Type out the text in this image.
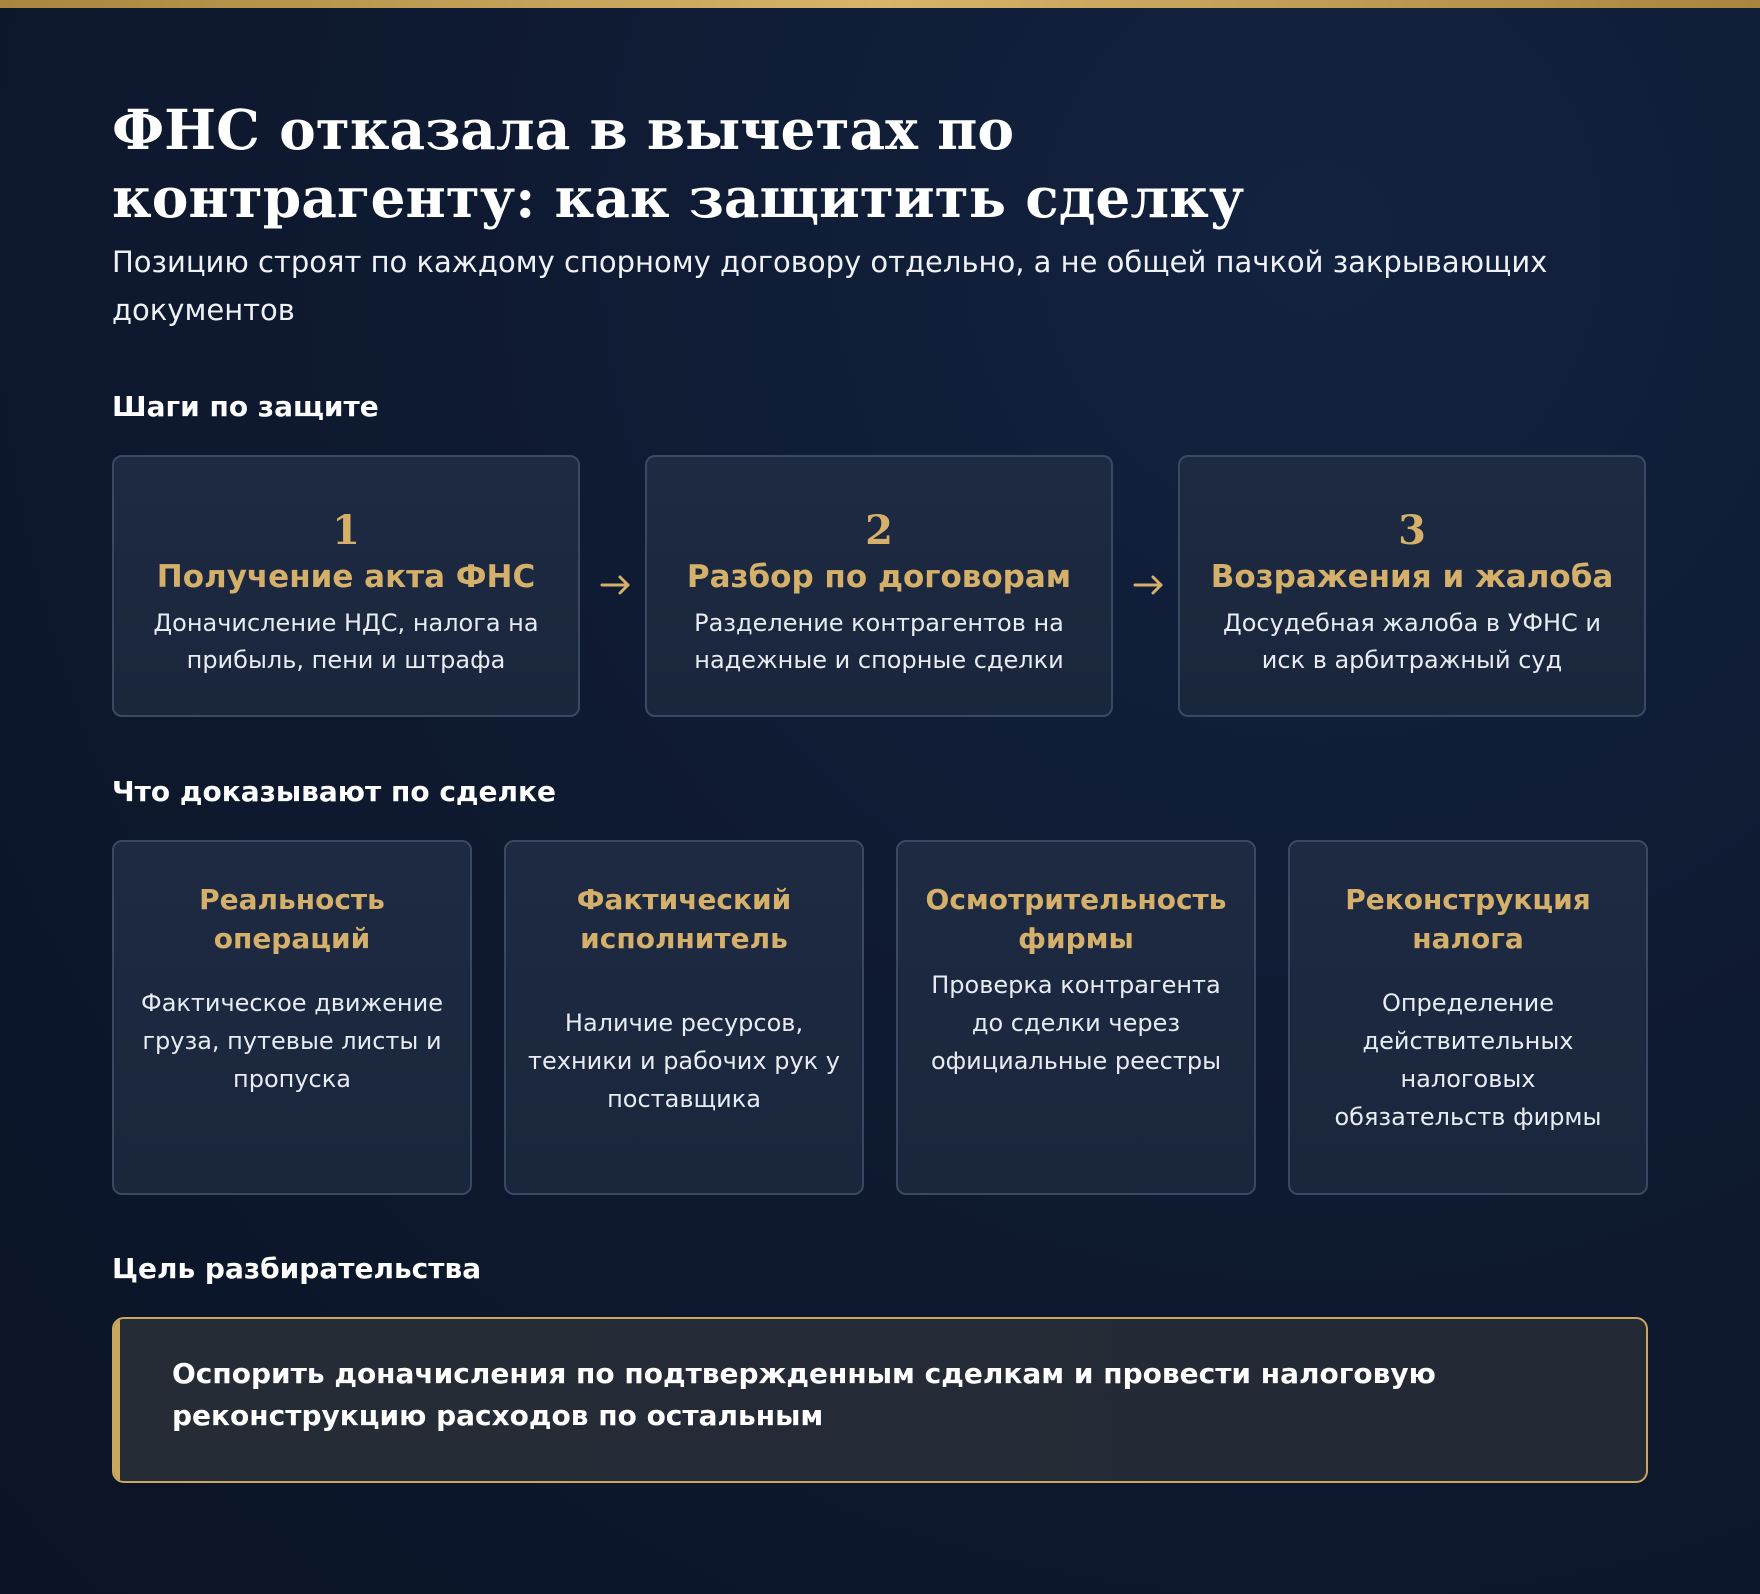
ФНС отказала в вычетах по контрагенту: как защитить сделку

Позицию строят по каждому спорному договору отдельно, а не общей пачкой закрывающих документов

Шаги по защите
1
Получение акта ФНС
Доначисление НДС, налога на прибыль, пени и штрафа
2
Разбор по договорам
Разделение контрагентов на надежные и спорные сделки
3
Возражения и жалоба
Досудебная жалоба в УФНС и иск в арбитражный суд
Что доказывают по сделке
Реальность операций
Фактическое движение груза, путевые листы и пропуска
Фактический исполнитель
Наличие ресурсов, техники и рабочих рук у поставщика
Осмотрительность фирмы
Проверка контрагента до сделки через официальные реестры
Реконструкция налога
Определение действительных налоговых обязательств фирмы
Цель разбирательства
Оспорить доначисления по подтвержденным сделкам и провести налоговую реконструкцию расходов по остальным
